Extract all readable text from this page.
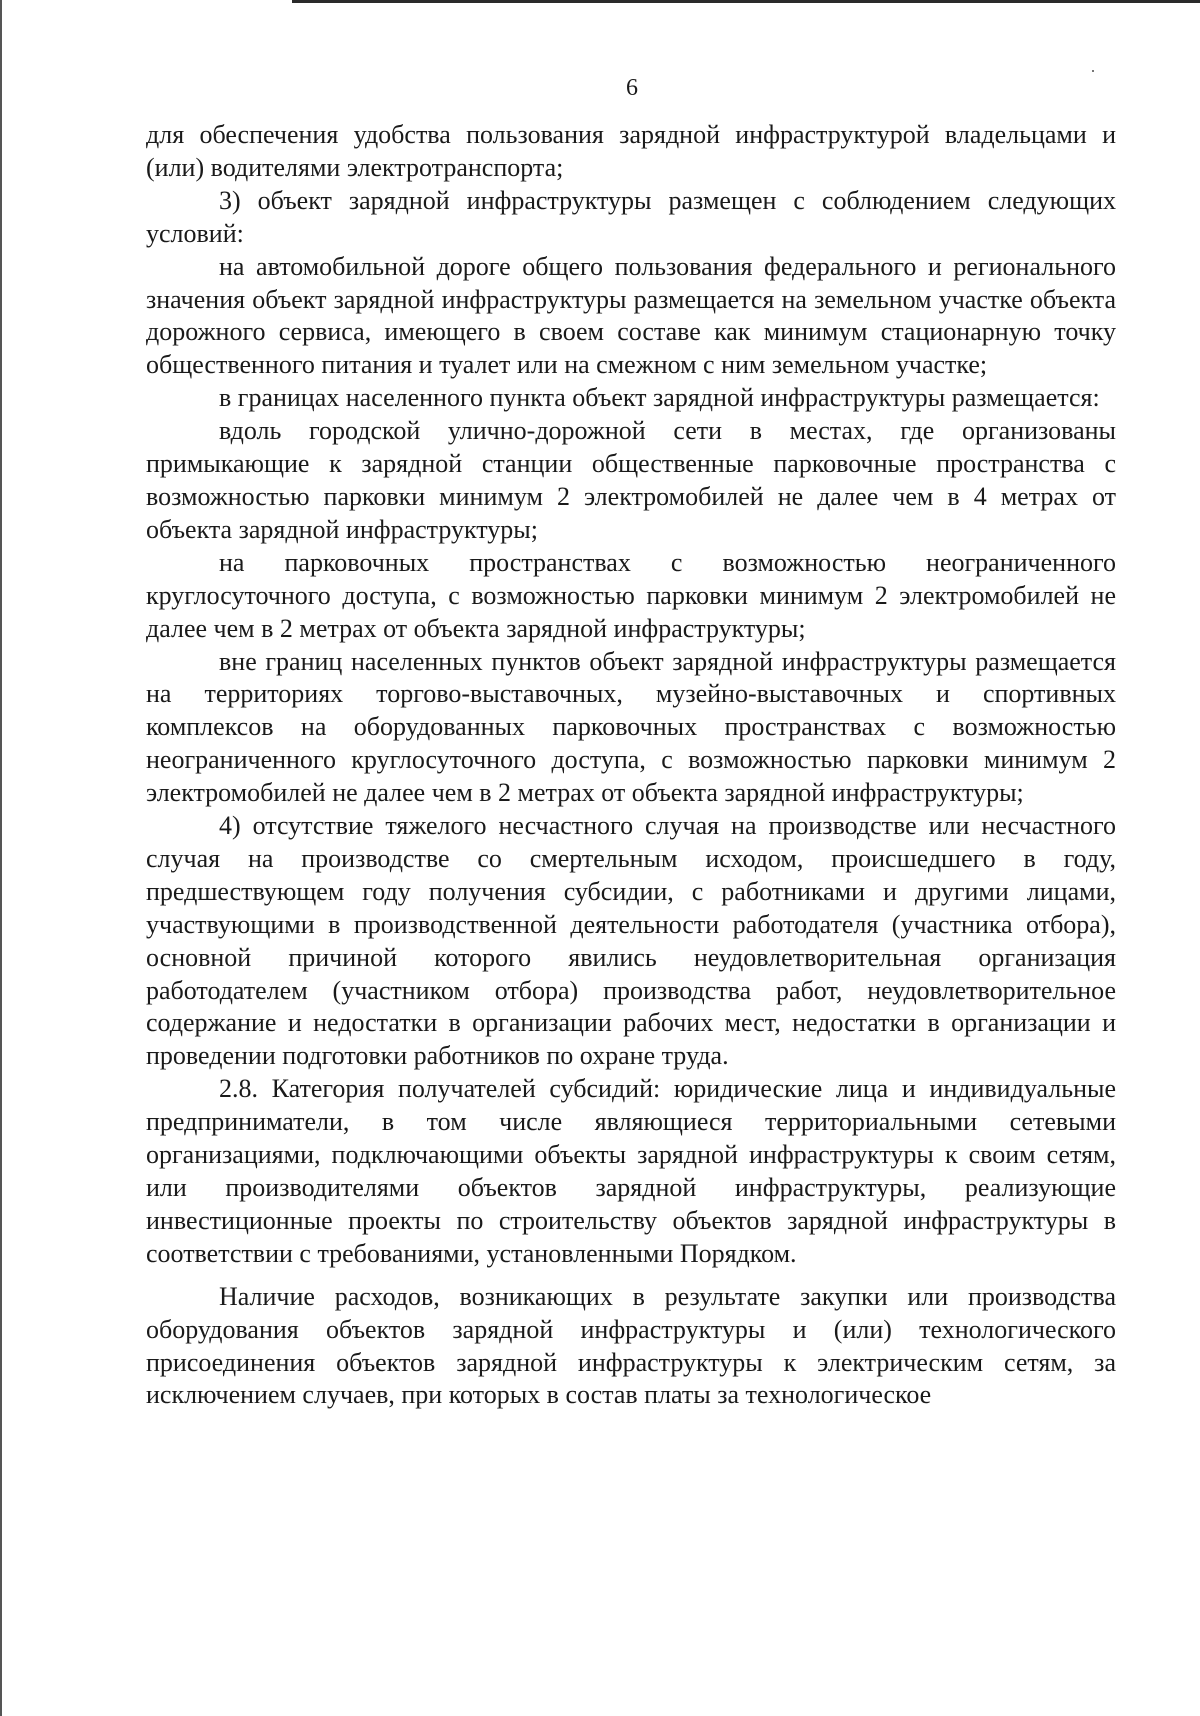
6

для обеспечения удобства пользования зарядной инфраструктурой владельцами и (или) водителями электротранспорта;

3) объект зарядной инфраструктуры размещен с соблюдением следующих условий:

на автомобильной дороге общего пользования федерального и регионального значения объект зарядной инфраструктуры размещается на земельном участке объекта дорожного сервиса, имеющего в своем составе как минимум стационарную точку общественного питания и туалет или на смежном с ним земельном участке;

в границах населенного пункта объект зарядной инфраструктуры размещается:

вдоль городской улично-дорожной сети в местах, где организованы примыкающие к зарядной станции общественные парковочные пространства с возможностью парковки минимум 2 электромобилей не далее чем в 4 метрах от объекта зарядной инфраструктуры;

на парковочных пространствах с возможностью неограниченного круглосуточного доступа, с возможностью парковки минимум 2 электромобилей не далее чем в 2 метрах от объекта зарядной инфраструктуры;

вне границ населенных пунктов объект зарядной инфраструктуры размещается на территориях торгово-выставочных, музейно-выставочных и спортивных комплексов на оборудованных парковочных пространствах с возможностью неограниченного круглосуточного доступа, с возможностью парковки минимум 2 электромобилей не далее чем в 2 метрах от объекта зарядной инфраструктуры;

4) отсутствие тяжелого несчастного случая на производстве или несчастного случая на производстве со смертельным исходом, происшедшего в году, предшествующем году получения субсидии, с работниками и другими лицами, участвующими в производственной деятельности работодателя (участника отбора), основной причиной которого явились неудовлетворительная организация работодателем (участником отбора) производства работ, неудовлетворительное содержание и недостатки в организации рабочих мест, недостатки в организации и проведении подготовки работников по охране труда.

2.8. Категория получателей субсидий: юридические лица и индивидуальные предприниматели, в том числе являющиеся территориальными сетевыми организациями, подключающими объекты зарядной инфраструктуры к своим сетям, или производителями объектов зарядной инфраструктуры, реализующие инвестиционные проекты по строительству объектов зарядной инфраструктуры в соответствии с требованиями, установленными Порядком.

Наличие расходов, возникающих в результате закупки или производства оборудования объектов зарядной инфраструктуры и (или) технологического присоединения объектов зарядной инфраструктуры к электрическим сетям, за исключением случаев, при которых в состав платы за технологическое
